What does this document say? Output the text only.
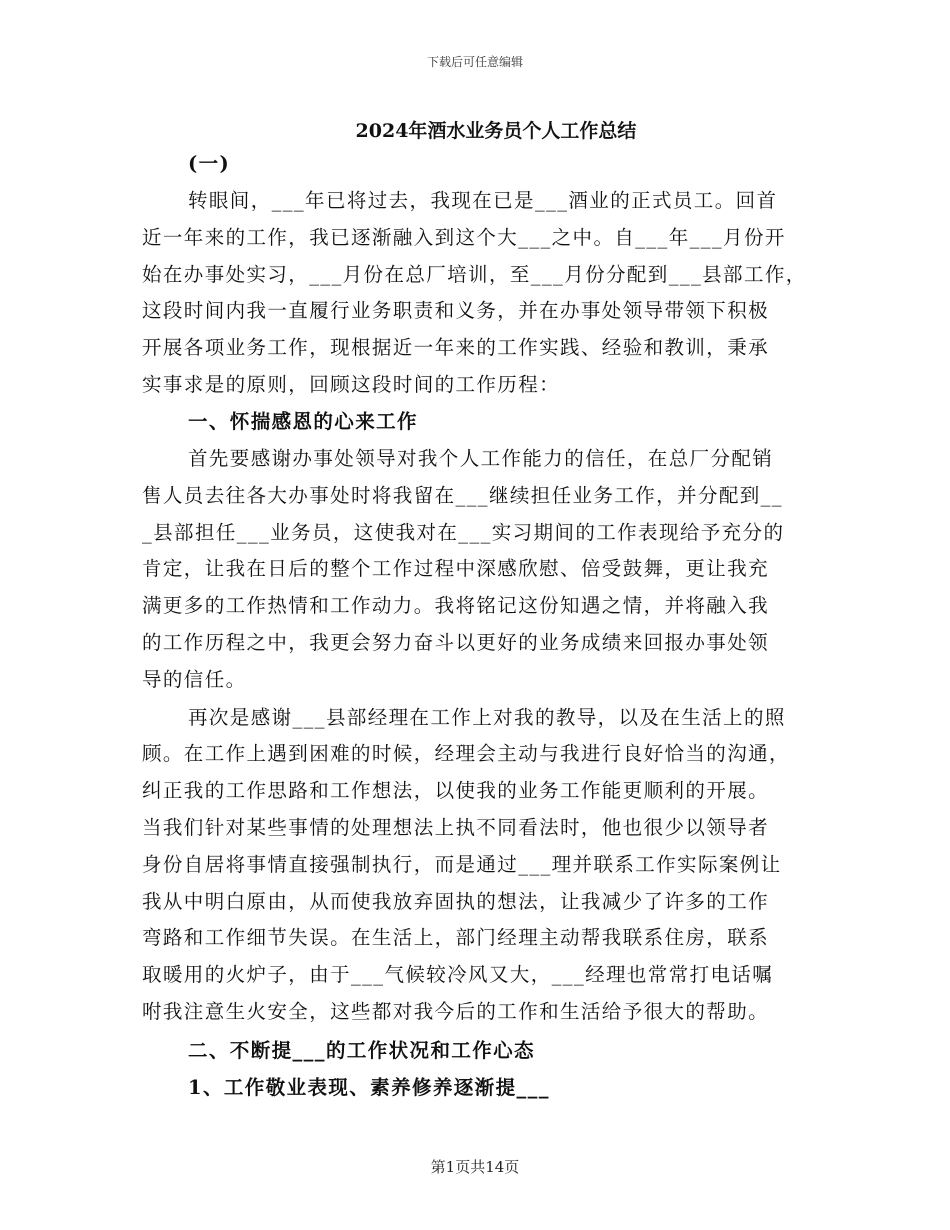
下载后可任意编辑
2024年酒水业务员个人工作总结
(一)
转眼间，___年已将过去，我现在已是___酒业的正式员工。回首
近一年来的工作，我已逐渐融入到这个大___之中。自___年___月份开
始在办事处实习，___月份在总厂培训，至___月份分配到___县部工作，
这段时间内我一直履行业务职责和义务，并在办事处领导带领下积极
开展各项业务工作，现根据近一年来的工作实践、经验和教训，秉承
实事求是的原则，回顾这段时间的工作历程：
一、怀揣感恩的心来工作
首先要感谢办事处领导对我个人工作能力的信任，在总厂分配销
售人员去往各大办事处时将我留在___继续担任业务工作，并分配到__
_县部担任___业务员，这使我对在___实习期间的工作表现给予充分的
肯定，让我在日后的整个工作过程中深感欣慰、倍受鼓舞，更让我充
满更多的工作热情和工作动力。我将铭记这份知遇之情，并将融入我
的工作历程之中，我更会努力奋斗以更好的业务成绩来回报办事处领
导的信任。
再次是感谢___县部经理在工作上对我的教导，以及在生活上的照
顾。在工作上遇到困难的时候，经理会主动与我进行良好恰当的沟通，
纠正我的工作思路和工作想法，以使我的业务工作能更顺利的开展。
当我们针对某些事情的处理想法上执不同看法时，他也很少以领导者
身份自居将事情直接强制执行，而是通过___理并联系工作实际案例让
我从中明白原由，从而使我放弃固执的想法，让我减少了许多的工作
弯路和工作细节失误。在生活上，部门经理主动帮我联系住房，联系
取暖用的火炉子，由于___气候较冷风又大，___经理也常常打电话嘱
咐我注意生火安全，这些都对我今后的工作和生活给予很大的帮助。
二、不断提___的工作状况和工作心态
1、工作敬业表现、素养修养逐渐提___
第1页共14页
